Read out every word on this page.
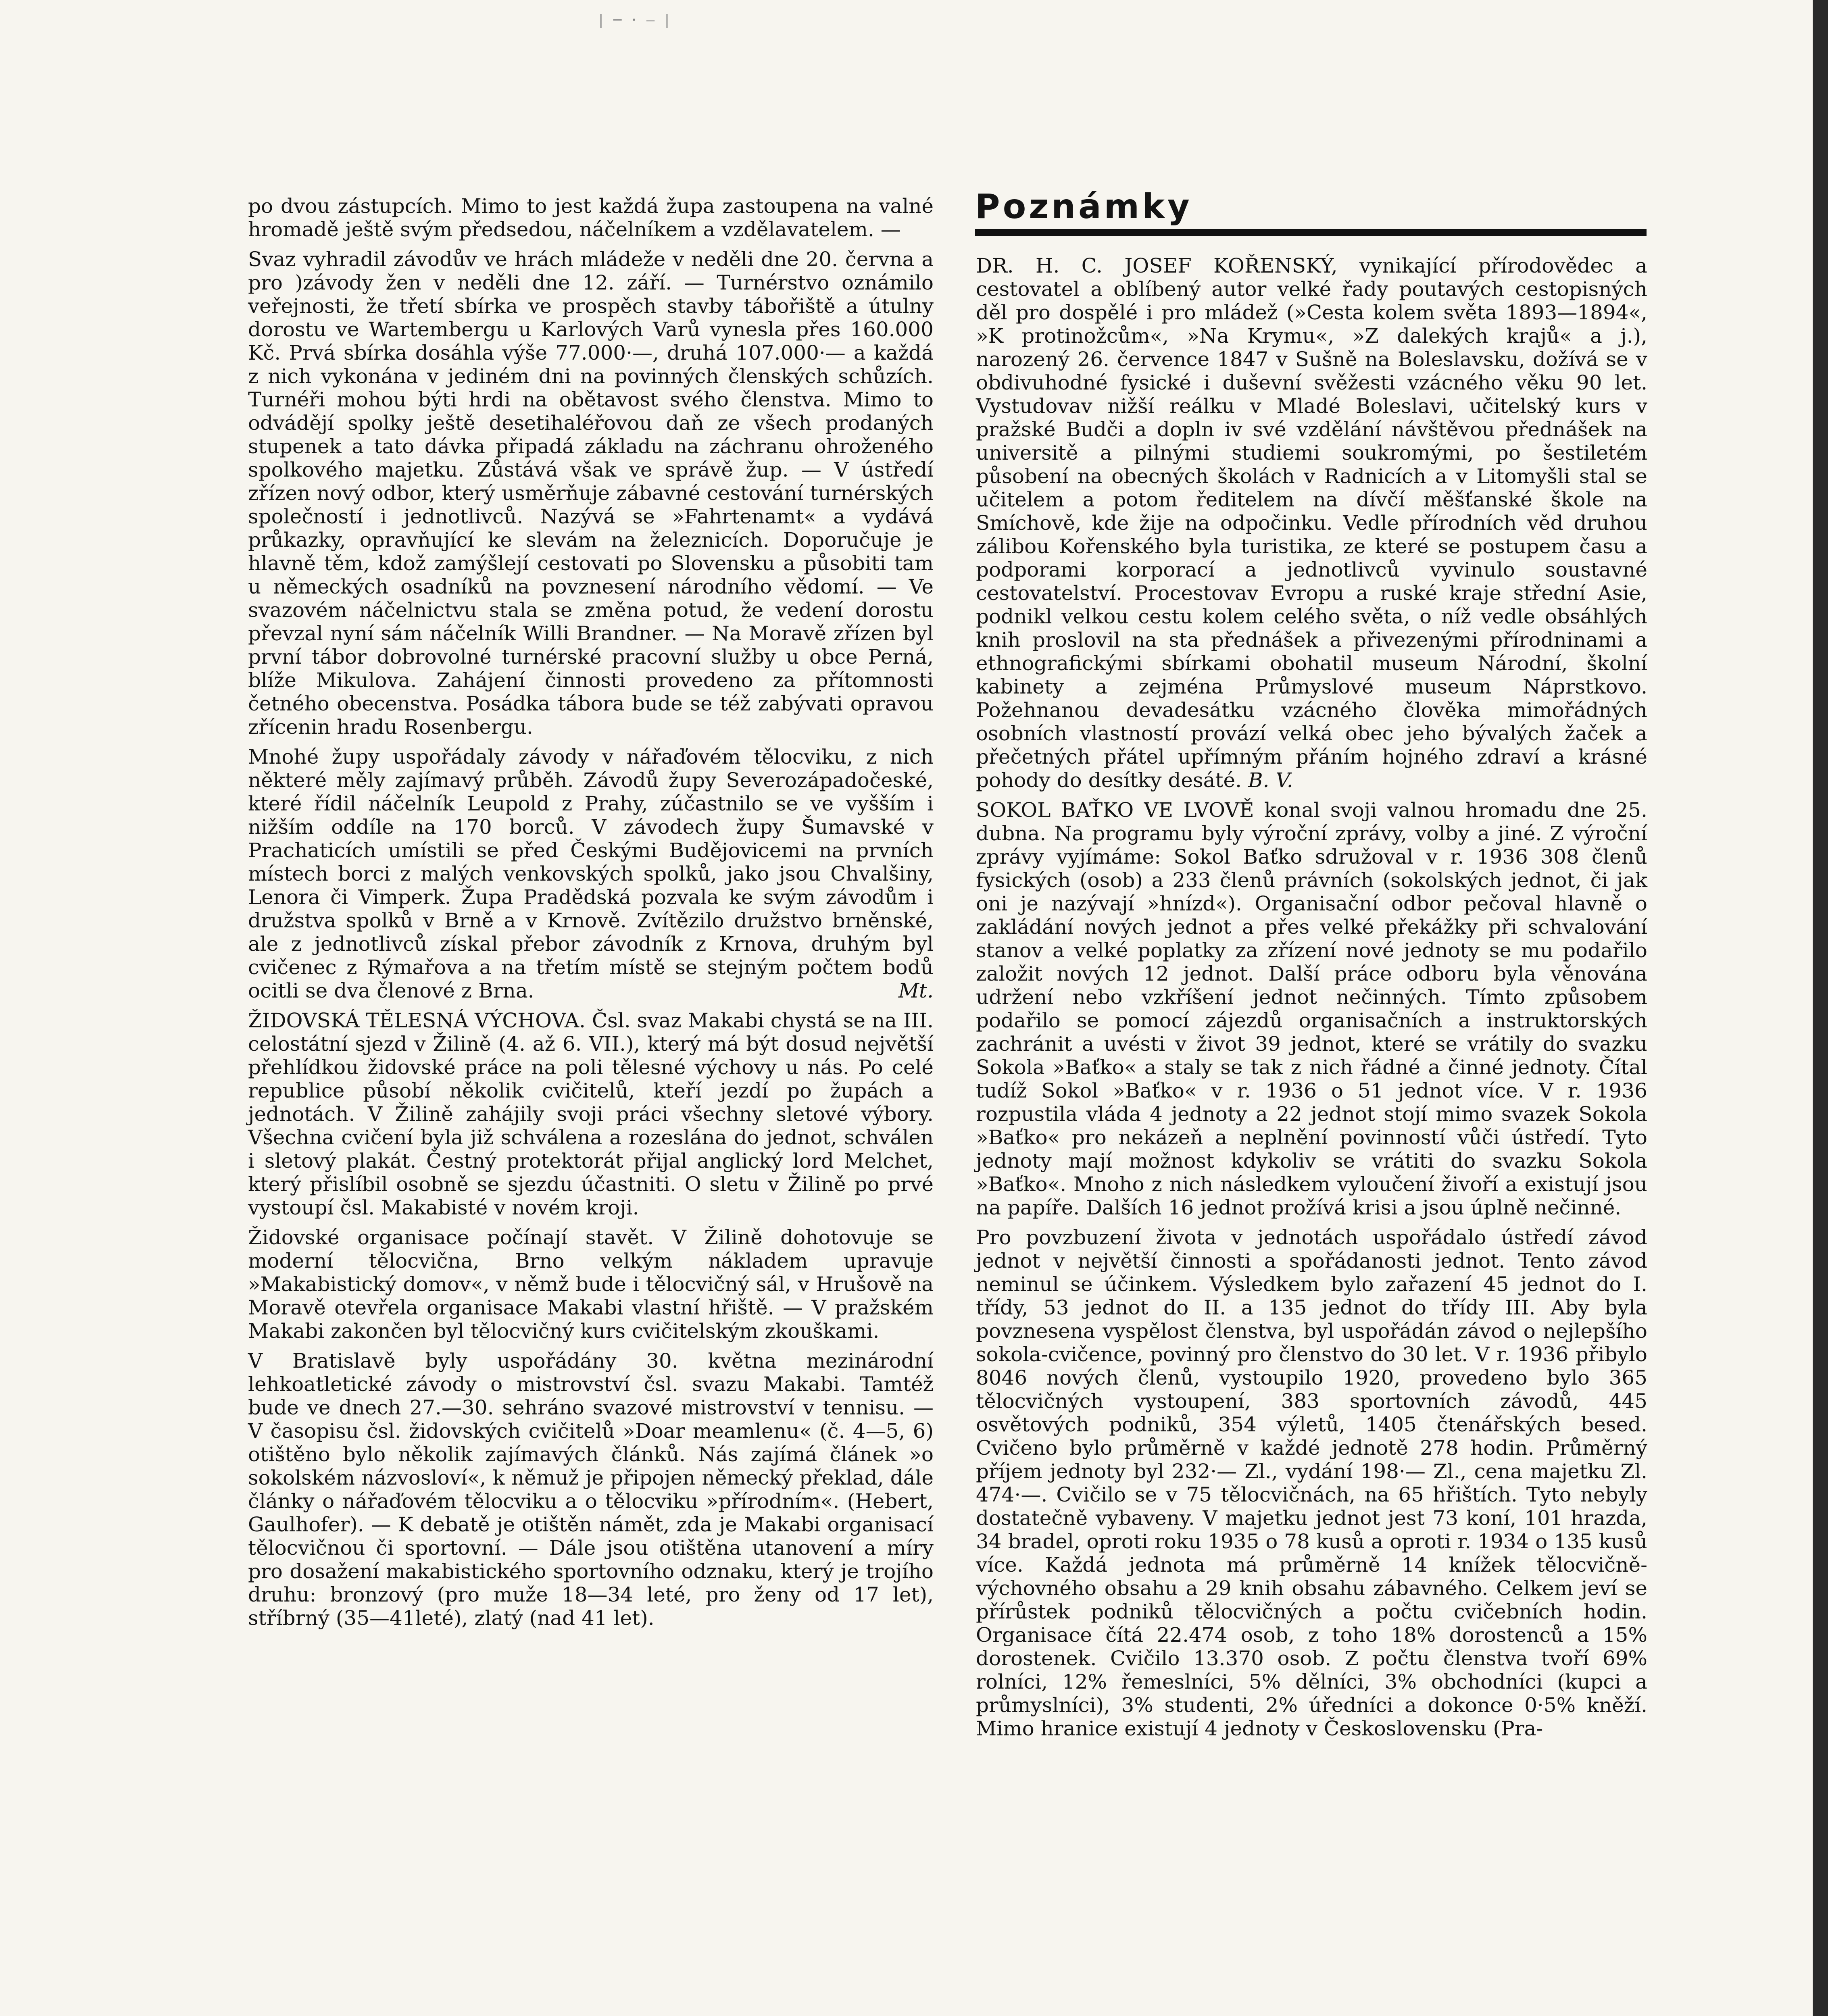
| ─ · ― |

po dvou zástupcích. Mimo to jest každá župa zastoupena na valné hromadě ještě svým předsedou, náčelníkem a vzdělavatelem. —

Svaz vyhradil závodův ve hrách mládeže v neděli dne 20. června a pro )závody žen v neděli dne 12. září. — Turnérstvo oznámilo veřejnosti, že třetí sbírka ve prospěch stavby tábořiště a útulny dorostu ve Wartembergu u Karlových Varů vynesla přes 160.000 Kč. Prvá sbírka dosáhla výše 77.000·—, druhá 107.000·— a každá z nich vykonána v jediném dni na povinných členských schůzích. Turnéři mohou býti hrdi na obětavost svého členstva. Mimo to odvádějí spolky ještě desetihaléřovou daň ze všech prodaných stupenek a tato dávka připadá základu na záchranu ohroženého spolkového majetku. Zůstává však ve správě žup. — V ústředí zřízen nový odbor, který usměrňuje zábavné cestování turnérských společností i jednotlivců. Nazývá se »Fahrtenamt« a vydává průkazky, opravňující ke slevám na železnicích. Doporučuje je hlavně těm, kdož zamýšlejí cestovati po Slovensku a působiti tam u německých osadníků na povznesení národního vědomí. — Ve svazovém náčelnictvu stala se změna potud, že vedení dorostu převzal nyní sám náčelník Willi Brandner. — Na Moravě zřízen byl první tábor dobrovolné turnérské pracovní služby u obce Perná, blíže Mikulova. Zahájení činnosti provedeno za přítomnosti četného obecenstva. Posádka tábora bude se též zabývati opravou zřícenin hradu Rosenbergu.

Mnohé župy uspořádaly závody v nářaďovém tělocviku, z nich některé měly zajímavý průběh. Závodů župy Severozápadočeské, které řídil náčelník Leupold z Prahy, zúčastnilo se ve vyšším i nižším oddíle na 170 borců. V závodech župy Šumavské v Prachaticích umístili se před Českými Budějovicemi na prvních místech borci z malých venkovských spolků, jako jsou Chvalšiny, Lenora či Vimperk. Župa Pradědská pozvala ke svým závodům i družstva spolků v Brně a v Krnově. Zvítězilo družstvo brněnské, ale z jednotlivců získal přebor závodník z Krnova, druhým byl cvičenec z Rýmařova a na třetím místě se stejným počtem bodů ocitli se dva členové z Brna.	Mt.

ŽIDOVSKÁ TĚLESNÁ VÝCHOVA. Čsl. svaz Makabi chystá se na III. celostátní sjezd v Žilině (4. až 6. VII.), který má být dosud největší přehlídkou židovské práce na poli tělesné výchovy u nás. Po celé republice působí několik cvičitelů, kteří jezdí po župách a jednotách. V Žilině zahájily svoji práci všechny sletové výbory. Všechna cvičení byla již schválena a rozeslána do jednot, schválen i sletový plakát. Čestný protektorát přijal anglický lord Melchet, který přislíbil osobně se sjezdu účastniti. O sletu v Žilině po prvé vystoupí čsl. Makabisté v novém kroji.

Židovské organisace počínají stavět. V Žilině dohotovuje se moderní tělocvična, Brno velkým nákladem upravuje »Makabistický domov«, v němž bude i tělocvičný sál, v Hrušově na Moravě otevřela organisace Makabi vlastní hřiště. — V pražském Makabi zakončen byl tělocvičný kurs cvičitelským zkouškami.

V Bratislavě byly uspořádány 30. května mezinárodní lehkoatletické závody o mistrovství čsl. svazu Makabi. Tamtéž bude ve dnech 27.—30. sehráno svazové mistrovství v tennisu. — V časopisu čsl. židovských cvičitelů »Doar meamlenu« (č. 4—5, 6) otištěno bylo několik zajímavých článků. Nás zajímá článek »o sokolském názvosloví«, k němuž je připojen německý překlad, dále články o nářaďovém tělocviku a o tělocviku »přírodním«. (Hebert, Gaulhofer). — K debatě je otištěn námět, zda je Makabi organisací tělocvičnou či sportovní. — Dále jsou otištěna utanovení a míry pro dosažení makabistického sportovního odznaku, který je trojího druhu: bronzový (pro muže 18—34 leté, pro ženy od 17 let), stříbrný (35—41leté), zlatý (nad 41 let).

Poznámky

DR. H. C. JOSEF KOŘENSKÝ, vynikající přírodovědec a cestovatel a oblíbený autor velké řady poutavých cestopisných děl pro dospělé i pro mládež (»Cesta kolem světa 1893—1894«, »K protinožcům«, »Na Krymu«, »Z dalekých krajů« a j.), narozený 26. července 1847 v Sušně na Boleslavsku, dožívá se v obdivuhodné fysické i duševní svěžesti vzácného věku 90 let. Vystudovav nižší reálku v Mladé Boleslavi, učitelský kurs v pražské Budči a dopln iv své vzdělání návštěvou přednášek na universitě a pilnými studiemi soukromými, po šestiletém působení na obecných školách v Radnicích a v Litomyšli stal se učitelem a potom ředitelem na dívčí měšťanské škole na Smíchově, kde žije na odpočinku. Vedle přírodních věd druhou zálibou Kořenského byla turistika, ze které se postupem času a podporami korporací a jednotlivců vyvinulo soustavné cestovatelství. Procestovav Evropu a ruské kraje střední Asie, podnikl velkou cestu kolem celého světa, o níž vedle obsáhlých knih proslovil na sta přednášek a přivezenými přírodninami a ethnografickými sbírkami obohatil museum Národní, školní kabinety a zejména Průmyslové museum Náprstkovo. Požehnanou devadesátku vzácného člověka mimořádných osobních vlastností provází velká obec jeho bývalých žaček a přečetných přátel upřímným přáním hojného zdraví a krásné pohody do desítky desáté. B. V.

SOKOL BAŤKO VE LVOVĚ konal svoji valnou hromadu dne 25. dubna. Na programu byly výroční zprávy, volby a jiné. Z výroční zprávy vyjímáme: Sokol Baťko sdružoval v r. 1936 308 členů fysických (osob) a 233 členů právních (sokolských jednot, či jak oni je nazývají »hnízd«). Organisační odbor pečoval hlavně o zakládání nových jednot a přes velké překážky při schvalování stanov a velké poplatky za zřízení nové jednoty se mu podařilo založit nových 12 jednot. Další práce odboru byla věnována udržení nebo vzkříšení jednot nečinných. Tímto způsobem podařilo se pomocí zájezdů organisačních a instruktorských zachránit a uvésti v život 39 jednot, které se vrátily do svazku Sokola »Baťko« a staly se tak z nich řádné a činné jednoty. Čítal tudíž Sokol »Baťko« v r. 1936 o 51 jednot více. V r. 1936 rozpustila vláda 4 jednoty a 22 jednot stojí mimo svazek Sokola »Baťko« pro nekázeň a neplnění povinností vůči ústředí. Tyto jednoty mají možnost kdykoliv se vrátiti do svazku Sokola »Baťko«. Mnoho z nich následkem vyloučení živoří a existují jsou na papíře. Dalších 16 jednot prožívá krisi a jsou úplně nečinné.

Pro povzbuzení života v jednotách uspořádalo ústředí závod jednot v největší činnosti a spořádanosti jednot. Tento závod neminul se účinkem. Výsledkem bylo zařazení 45 jednot do I. třídy, 53 jednot do II. a 135 jednot do třídy III. Aby byla povznesena vyspělost členstva, byl uspořádán závod o nejlepšího sokola-cvičence, povinný pro členstvo do 30 let. V r. 1936 přibylo 8046 nových členů, vystoupilo 1920, provedeno bylo 365 tělocvičných vystoupení, 383 sportovních závodů, 445 osvětových podniků, 354 výletů, 1405 čtenářských besed. Cvičeno bylo průměrně v každé jednotě 278 hodin. Průměrný příjem jednoty byl 232·— Zl., vydání 198·— Zl., cena majetku Zl. 474·—. Cvičilo se v 75 tělocvičnách, na 65 hřištích. Tyto nebyly dostatečně vybaveny. V majetku jednot jest 73 koní, 101 hrazda, 34 bradel, oproti roku 1935 o 78 kusů a oproti r. 1934 o 135 kusů více. Každá jednota má průměrně 14 knížek tělocvičně-výchovného obsahu a 29 knih obsahu zábavného. Celkem jeví se přírůstek podniků tělocvičných a počtu cvičebních hodin. Organisace čítá 22.474 osob, z toho 18% dorostenců a 15% dorostenek. Cvičilo 13.370 osob. Z počtu členstva tvoří 69% rolníci, 12% řemeslníci, 5% dělníci, 3% obchodníci (kupci a průmyslníci), 3% studenti, 2% úředníci a dokonce 0·5% kněží. Mimo hranice existují 4 jednoty v Československu (Pra-
